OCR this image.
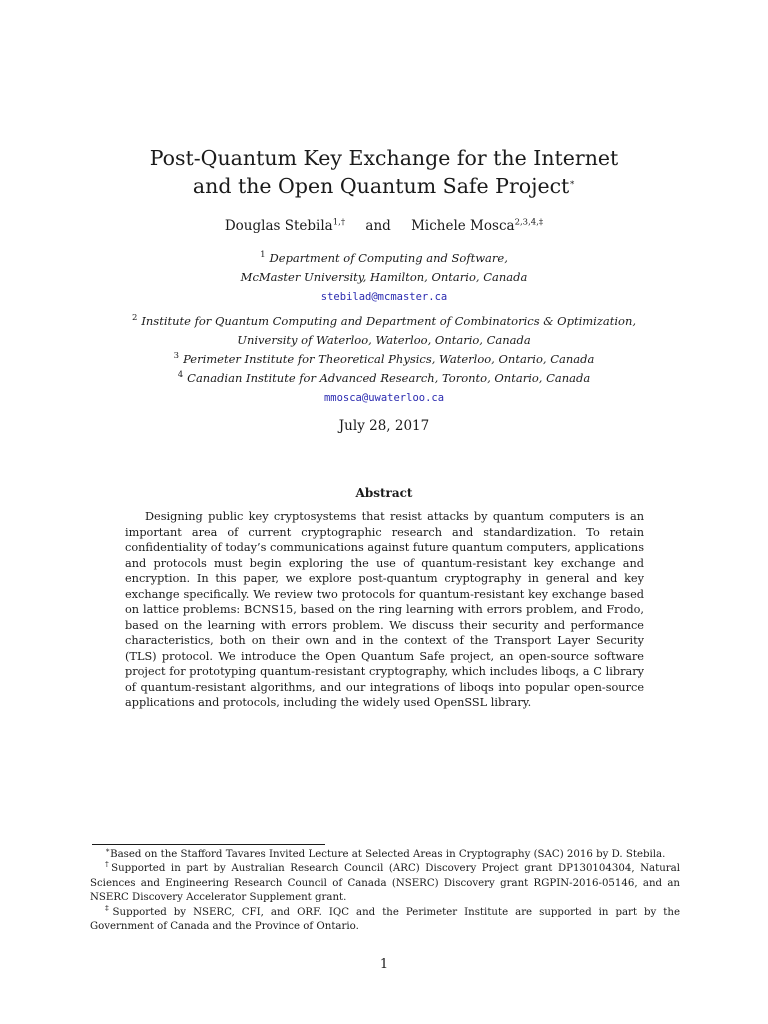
Post-Quantum Key Exchange for the Internet
and the Open Quantum Safe Project∗
Douglas Stebila$^{1,\dagger}$ and Michele Mosca$^{2,3,4,\ddagger}$
$^1$ Department of Computing and Software,
McMaster University, Hamilton, Ontario, Canada
stebilad@mcmaster.ca
$^2$ Institute for Quantum Computing and Department of Combinatorics & Optimization,
University of Waterloo, Waterloo, Ontario, Canada
$^3$ Perimeter Institute for Theoretical Physics, Waterloo, Ontario, Canada
$^4$ Canadian Institute for Advanced Research, Toronto, Ontario, Canada
mmosca@uwaterloo.ca
July 28, 2017
Abstract

Designing public key cryptosystems that resist attacks by quantum computers is an important area of current cryptographic research and standardization. To retain confidentiality of today’s communications against future quantum computers, applications and protocols must begin exploring the use of quantum-resistant key exchange and encryption. In this paper, we explore post-quantum cryptography in general and key exchange specifically. We review two protocols for quantum-resistant key exchange based on lattice problems: BCNS15, based on the ring learning with errors problem, and Frodo, based on the learning with errors problem. We discuss their security and performance characteristics, both on their own and in the context of the Transport Layer Security (TLS) protocol. We introduce the Open Quantum Safe project, an open-source software project for prototyping quantum-resistant cryptography, which includes liboqs, a C library of quantum-resistant algorithms, and our integrations of liboqs into popular open-source applications and protocols, including the widely used OpenSSL library.

∗Based on the Stafford Tavares Invited Lecture at Selected Areas in Cryptography (SAC) 2016 by D. Stebila.

†Supported in part by Australian Research Council (ARC) Discovery Project grant DP130104304, Natural Sciences and Engineering Research Council of Canada (NSERC) Discovery grant RGPIN-2016-05146, and an NSERC Discovery Accelerator Supplement grant.

‡Supported by NSERC, CFI, and ORF. IQC and the Perimeter Institute are supported in part by the Government of Canada and the Province of Ontario.

1
